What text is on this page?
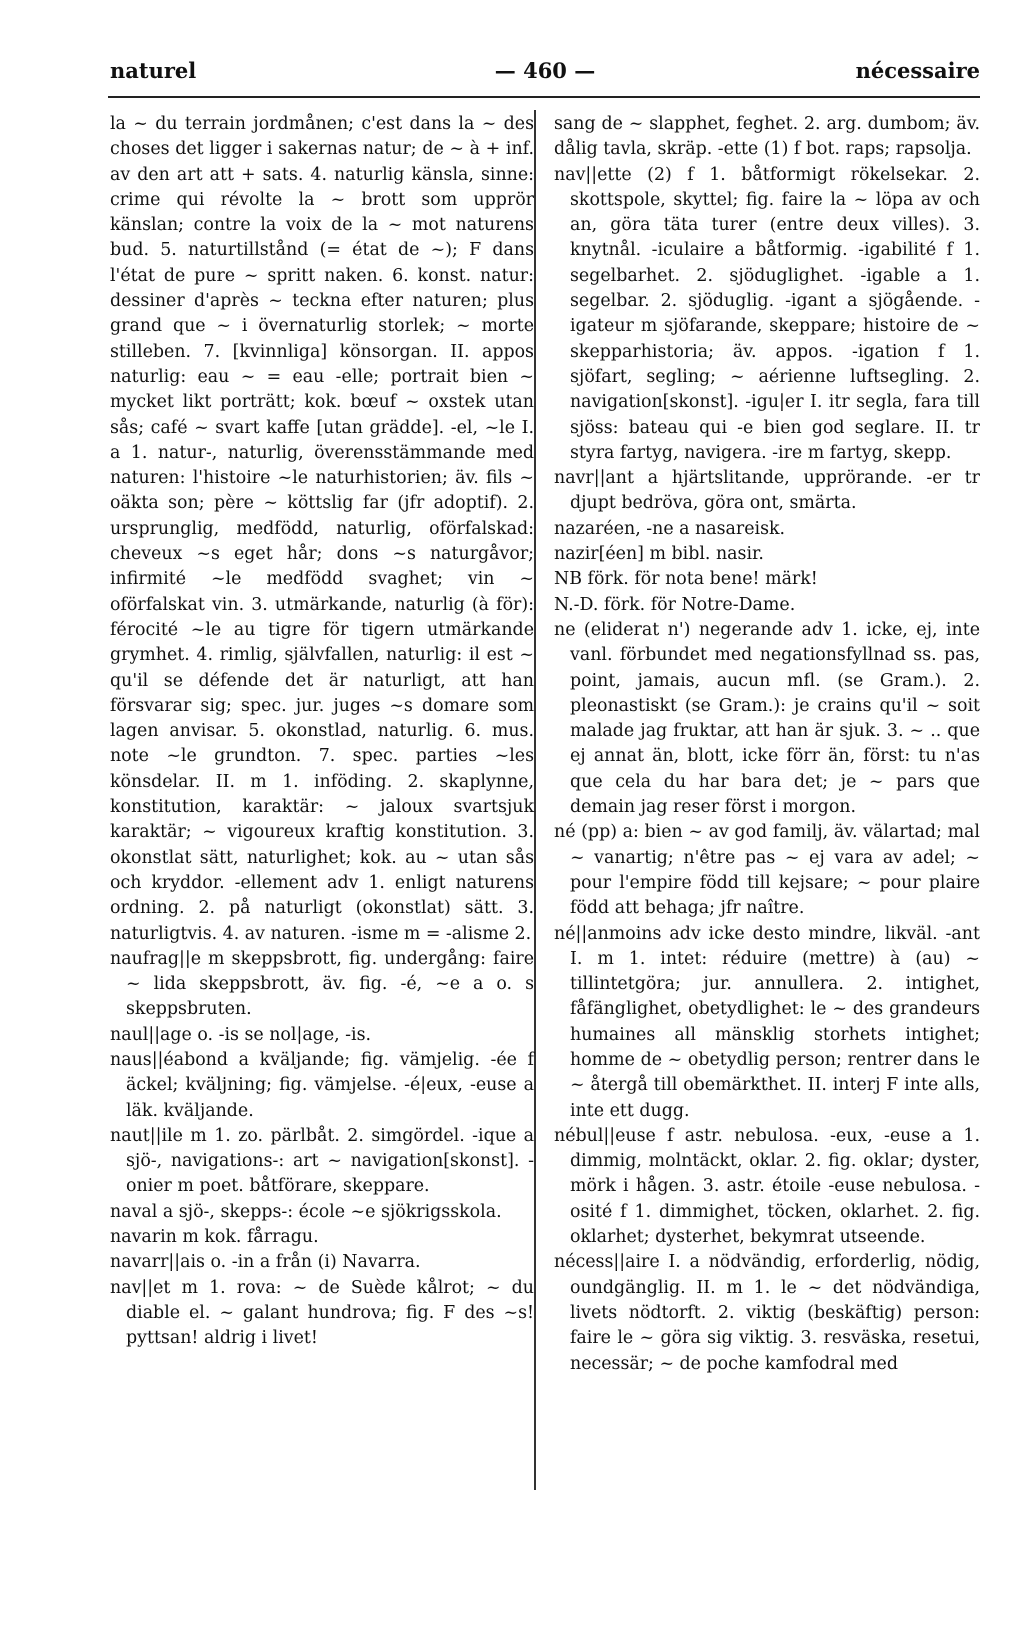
naturel	— 460 —	nécessaire

la ~ du terrain jordmånen; c'est dans la ~ des choses det ligger i sakernas natur; de ~ à + inf. av den art att + sats. 4. naturlig känsla, sinne: crime qui révolte la ~ brott som upprör känslan; contre la voix de la ~ mot naturens bud. 5. naturtillstånd (= état de ~); F dans l'état de pure ~ spritt naken. 6. konst. natur: dessiner d'après ~ teckna efter naturen; plus grand que ~ i övernaturlig storlek; ~ morte stilleben. 7. [kvinnliga] könsorgan. II. appos naturlig: eau ~ = eau -elle; portrait bien ~ mycket likt porträtt; kok. bœuf ~ oxstek utan sås; café ~ svart kaffe [utan grädde]. -el, ~le I. a 1. natur-, naturlig, överensstämmande med naturen: l'histoire ~le naturhistorien; äv. fils ~ oäkta son; père ~ köttslig far (jfr adoptif). 2. ursprunglig, medfödd, naturlig, oförfalskad: cheveux ~s eget hår; dons ~s naturgåvor; infirmité ~le medfödd svaghet; vin ~ oförfalskat vin. 3. utmärkande, naturlig (à för): férocité ~le au tigre för tigern utmärkande grymhet. 4. rimlig, självfallen, naturlig: il est ~ qu'il se défende det är naturligt, att han försvarar sig; spec. jur. juges ~s domare som lagen anvisar. 5. okonstlad, naturlig. 6. mus. note ~le grundton. 7. spec. parties ~les könsdelar. II. m 1. inföding. 2. skaplynne, konstitution, karaktär: ~ jaloux svartsjuk karaktär; ~ vigoureux kraftig konstitution. 3. okonstlat sätt, naturlighet; kok. au ~ utan sås och kryddor. -ellement adv 1. enligt naturens ordning. 2. på naturligt (okonstlat) sätt. 3. naturligtvis. 4. av naturen. -isme m = -alisme 2.

naufrag||e m skeppsbrott, fig. undergång: faire ~ lida skeppsbrott, äv. fig. -é, ~e a o. s skeppsbruten.

naul||age o. -is se nol|age, -is.

naus||éabond a kväljande; fig. vämjelig. -ée f äckel; kväljning; fig. vämjelse. -é|eux, -euse a läk. kväljande.

naut||ile m 1. zo. pärlbåt. 2. simgördel. -ique a sjö-, navigations-: art ~ navigation[skonst]. -onier m poet. båtförare, skeppare.

naval a sjö-, skepps-: école ~e sjökrigsskola.

navarin m kok. fårragu.

navarr||ais o. -in a från (i) Navarra.

nav||et m 1. rova: ~ de Suède kålrot; ~ du diable el. ~ galant hundrova; fig. F des ~s! pyttsan! aldrig i livet!

sang de ~ slapphet, feghet. 2. arg. dumbom; äv. dålig tavla, skräp. -ette (1) f bot. raps; rapsolja.

nav||ette (2) f 1. båtformigt rökelsekar. 2. skottspole, skyttel; fig. faire la ~ löpa av och an, göra täta turer (entre deux villes). 3. knytnål. -iculaire a båtformig. -igabilité f 1. segelbarhet. 2. sjöduglighet. -igable a 1. segelbar. 2. sjöduglig. -igant a sjögående. -igateur m sjöfarande, skeppare; histoire de ~ skepparhistoria; äv. appos. -igation f 1. sjöfart, segling; ~ aérienne luftsegling. 2. navigation[skonst]. -igu|er I. itr segla, fara till sjöss: bateau qui -e bien god seglare. II. tr styra fartyg, navigera. -ire m fartyg, skepp.

navr||ant a hjärtslitande, upprörande. -er tr djupt bedröva, göra ont, smärta.

nazaréen, -ne a nasareisk.

nazir[éen] m bibl. nasir.

NB förk. för nota bene! märk!

N.-D. förk. för Notre-Dame.

ne (eliderat n') negerande adv 1. icke, ej, inte vanl. förbundet med negationsfyllnad ss. pas, point, jamais, aucun mfl. (se Gram.). 2. pleonastiskt (se Gram.): je crains qu'il ~ soit malade jag fruktar, att han är sjuk. 3. ~ .. que ej annat än, blott, icke förr än, först: tu n'as que cela du har bara det; je ~ pars que demain jag reser först i morgon.

né (pp) a: bien ~ av god familj, äv. välartad; mal ~ vanartig; n'être pas ~ ej vara av adel; ~ pour l'empire född till kejsare; ~ pour plaire född att behaga; jfr naître.

né||anmoins adv icke desto mindre, likväl. -ant I. m 1. intet: réduire (mettre) à (au) ~ tillintetgöra; jur. annullera. 2. intighet, fåfänglighet, obetydlighet: le ~ des grandeurs humaines all mänsklig storhets intighet; homme de ~ obetydlig person; rentrer dans le ~ återgå till obemärkthet. II. interj F inte alls, inte ett dugg.

nébul||euse f astr. nebulosa. -eux, -euse a 1. dimmig, molntäckt, oklar. 2. fig. oklar; dyster, mörk i hågen. 3. astr. étoile -euse nebulosa. -osité f 1. dimmighet, töcken, oklarhet. 2. fig. oklarhet; dysterhet, bekymrat utseende.

nécess||aire I. a nödvändig, erforderlig, nödig, oundgänglig. II. m 1. le ~ det nödvändiga, livets nödtorft. 2. viktig (beskäftig) person: faire le ~ göra sig viktig. 3. resväska, resetui, necessär; ~ de poche kamfodral med
